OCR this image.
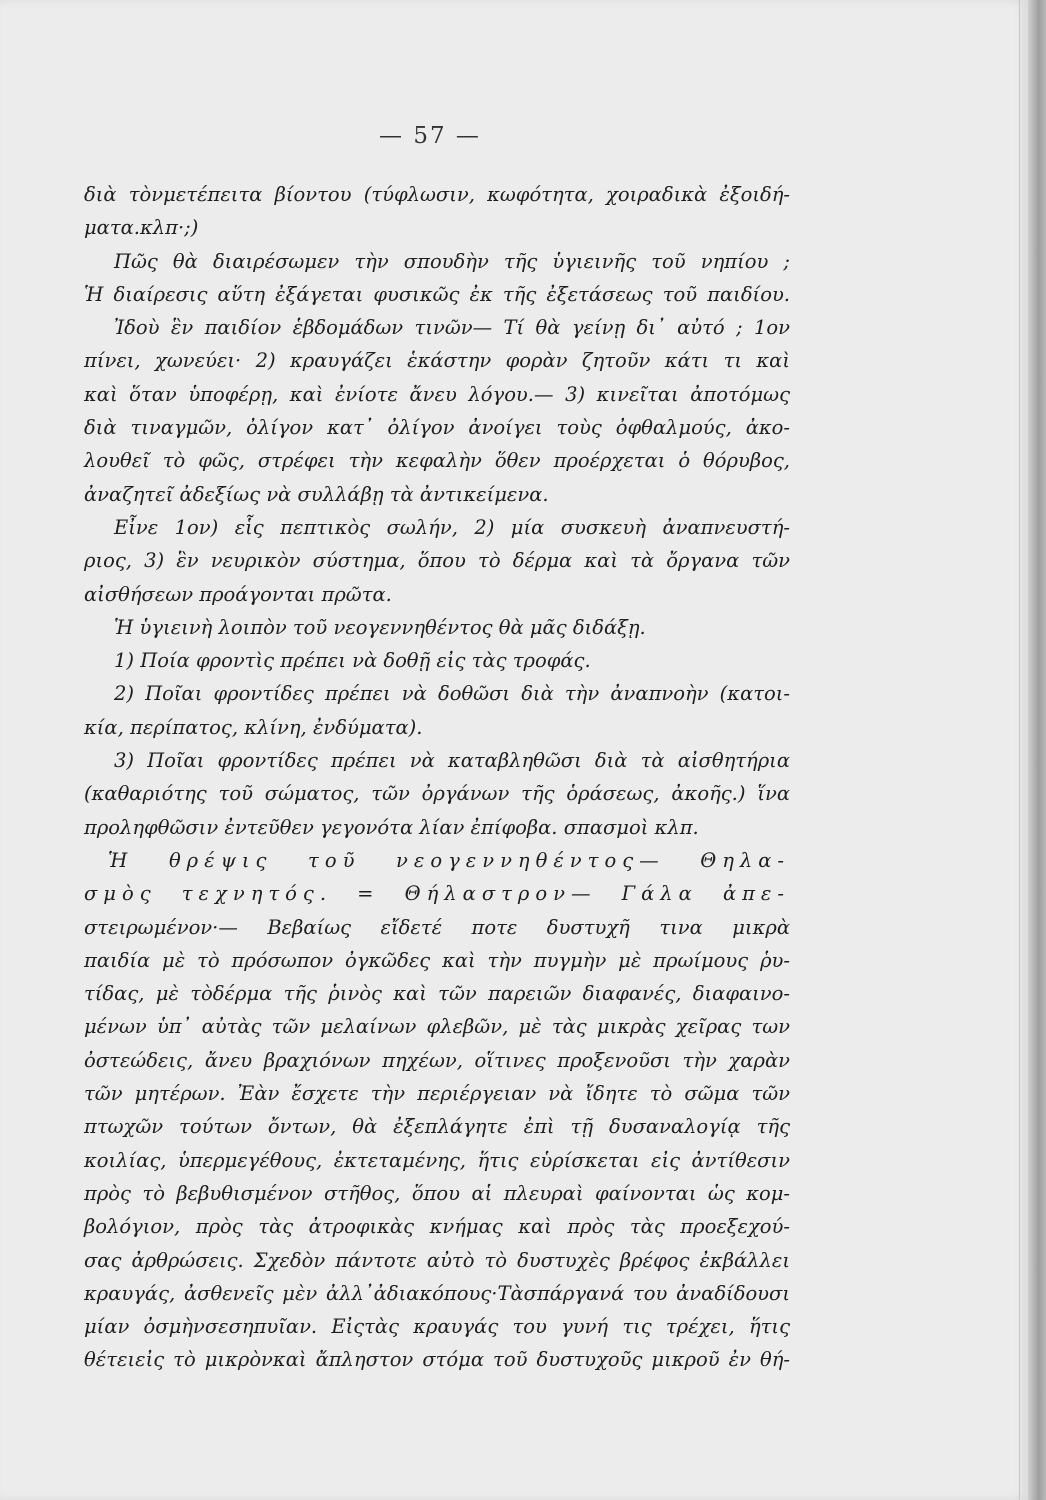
— 57 —
διὰ τὸνμετέπειτα βίοντου (τύφλωσιν, κωφότητα, χοιραδικὰ ἐξοιδή-
ματα.κλπ·;)
Πῶς θὰ διαιρέσωμεν τὴν σπουδὴν τῆς ὑγιεινῆς τοῦ νηπίου ;
Ἡ διαίρεσις αὕτη ἐξάγεται φυσικῶς ἐκ τῆς ἐξετάσεως τοῦ παιδίου.
Ἰδοὺ ἓν παιδίον ἑβδομάδων τινῶν— Τί θὰ γείνῃ δι᾿ αὐτό ; 1ον
πίνει, χωνεύει· 2) κραυγάζει ἑκάστην φορὰν ζητοῦν κάτι τι καὶ
καὶ ὅταν ὑποφέρῃ, καὶ ἐνίοτε ἄνευ λόγου.— 3) κινεῖται ἀποτόμως
διὰ τιναγμῶν, ὀλίγον κατ᾿ ὀλίγον ἀνοίγει τοὺς ὀφθαλμούς, ἀκο-
λουθεῖ τὸ φῶς, στρέφει τὴν κεφαλὴν ὅθεν προέρχεται ὁ θόρυβος,
ἀναζητεῖ ἀδεξίως νὰ συλλάβῃ τὰ ἀντικείμενα.
Εἶνε 1ον) εἷς πεπτικὸς σωλήν, 2) μία συσκευὴ ἀναπνευστή-
ριος, 3) ἓν νευρικὸν σύστημα, ὅπου τὸ δέρμα καὶ τὰ ὄργανα τῶν
αἰσθήσεων προάγονται πρῶτα.
Ἡ ὑγιεινὴ λοιπὸν τοῦ νεογεννηθέντος θὰ μᾶς διδάξῃ.
1) Ποία φροντὶς πρέπει νὰ δοθῇ εἰς τὰς τροφάς.
2) Ποῖαι φροντίδες πρέπει νὰ δοθῶσι διὰ τὴν ἀναπνοὴν (κατοι-
κία, περίπατος, κλίνη, ἐνδύματα).
3) Ποῖαι φροντίδες πρέπει νὰ καταβληθῶσι διὰ τὰ αἰσθητήρια
(καθαριότης τοῦ σώματος, τῶν ὀργάνων τῆς ὁράσεως, ἀκοῆς.) ἵνα
προληφθῶσιν ἐντεῦθεν γεγονότα λίαν ἐπίφοβα. σπασμοὶ κλπ.
Ἡ θρέψις τοῦ νεογεννηθέντος— Θηλα-
σμὸς τεχνητός. = Θήλαστρον— Γάλα ἀπε-
στειρωμένον·— Βεβαίως εἴδετέ ποτε δυστυχῆ τινα μικρὰ
παιδία μὲ τὸ πρόσωπον ὀγκῶδες καὶ τὴν πυγμὴν μὲ πρωίμους ῥυ-
τίδας, μὲ τὸδέρμα τῆς ῥινὸς καὶ τῶν παρειῶν διαφανές, διαφαινο-
μένων ὑπ᾿ αὐτὰς τῶν μελαίνων φλεβῶν, μὲ τὰς μικρὰς χεῖρας των
ὀστεώδεις, ἄνευ βραχιόνων πηχέων, οἵτινες προξενοῦσι τὴν χαρὰν
τῶν μητέρων. Ἐὰν ἔσχετε τὴν περιέργειαν νὰ ἴδητε τὸ σῶμα τῶν
πτωχῶν τούτων ὄντων, θὰ ἐξεπλάγητε ἐπὶ τῇ δυσαναλογίᾳ τῆς
κοιλίας, ὑπερμεγέθους, ἐκτεταμένης, ἥτις εὑρίσκεται εἰς ἀντίθεσιν
πρὸς τὸ βεβυθισμένον στῆθος, ὅπου αἱ πλευραὶ φαίνονται ὡς κομ-
βολόγιον, πρὸς τὰς ἀτροφικὰς κνήμας καὶ πρὸς τὰς προεξεχού-
σας ἀρθρώσεις. Σχεδὸν πάντοτε αὐτὸ τὸ δυστυχὲς βρέφος ἐκβάλλει
κραυγάς, ἀσθενεῖς μὲν ἀλλ᾿ἀδιακόπους·Τὰσπάργανά του ἀναδίδουσι
μίαν ὀσμὴνσεσηπυῖαν. Εἰςτὰς κραυγάς του γυνή τις τρέχει, ἥτις
θέτειεἰς τὸ μικρὸνκαὶ ἄπληστον στόμα τοῦ δυστυχοῦς μικροῦ ἐν θή-
